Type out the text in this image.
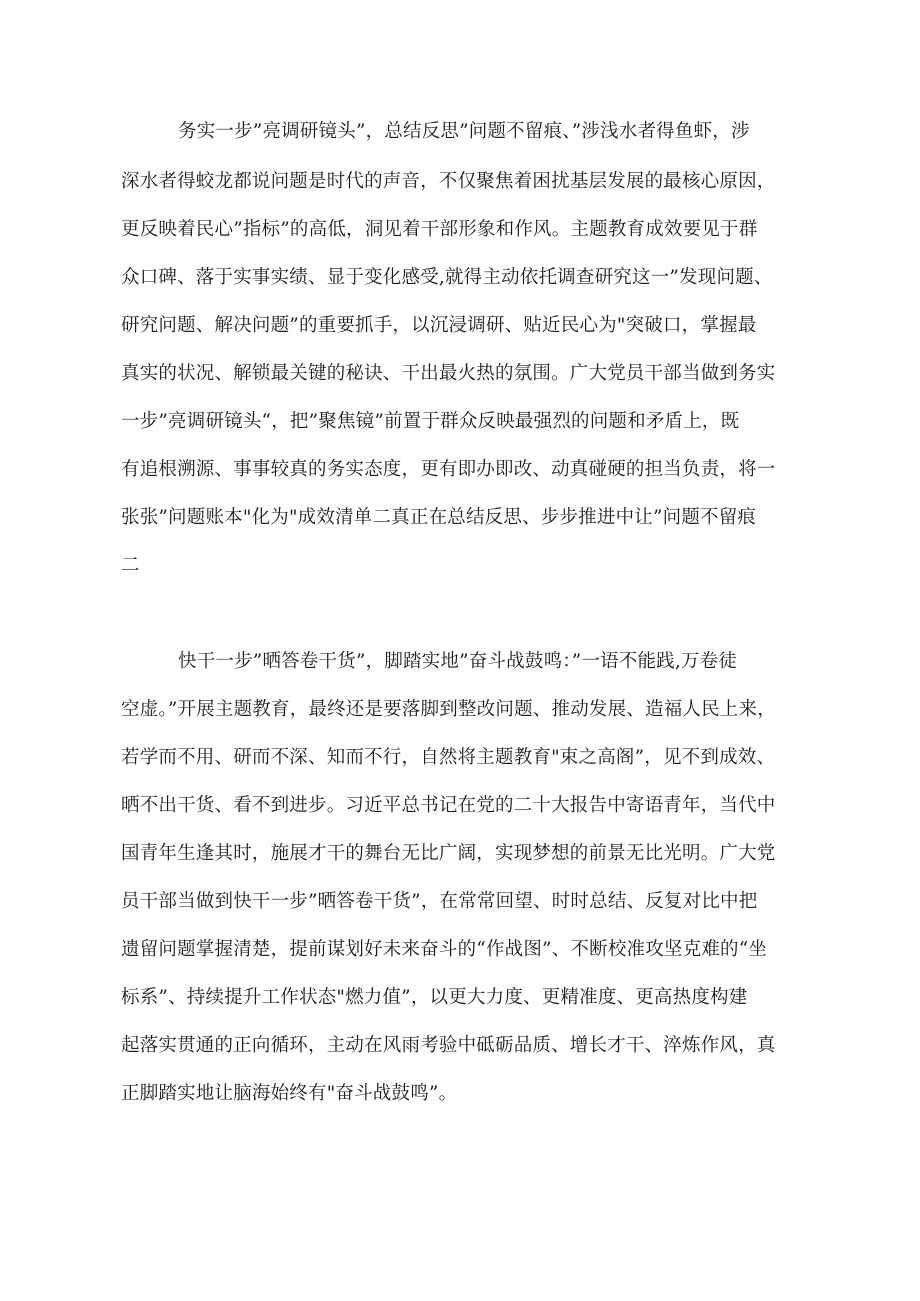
务实一步”亮调研镜头”，总结反思”问题不留痕、”涉浅水者得鱼虾，涉
深水者得蛟龙都说问题是时代的声音，不仅聚焦着困扰基层发展的最核心原因，
更反映着民心”指标”的高低，洞见着干部形象和作风。主题教育成效要见于群
众口碑、落于实事实绩、显于变化感受,就得主动依托调查研究这一”发现问题、
研究问题、解决问题”的重要抓手，以沉浸调研、贴近民心为"突破口，掌握最
真实的状况、解锁最关键的秘诀、干出最火热的氛围。广大党员干部当做到务实
一步”亮调研镜头“，把”聚焦镜”前置于群众反映最强烈的问题和矛盾上，既
有追根溯源、事事较真的务实态度，更有即办即改、动真碰硬的担当负责，将一
张张”问题账本"化为"成效清单二真正在总结反思、步步推进中让”问题不留痕
二
快干一步”晒答卷干货”，脚踏实地”奋斗战鼓鸣：”一语不能践,万卷徒
空虚。”开展主题教育，最终还是要落脚到整改问题、推动发展、造福人民上来，
若学而不用、研而不深、知而不行，自然将主题教育"束之高阁”，见不到成效、
晒不出干货、看不到进步。习近平总书记在党的二十大报告中寄语青年，当代中
国青年生逢其时，施展才干的舞台无比广阔，实现梦想的前景无比光明。广大党
员干部当做到快干一步”晒答卷干货”，在常常回望、时时总结、反复对比中把
遗留问题掌握清楚，提前谋划好未来奋斗的“作战图”、不断校准攻坚克难的“坐
标系”、持续提升工作状态"燃力值”，以更大力度、更精准度、更高热度构建
起落实贯通的正向循环，主动在风雨考验中砥砺品质、增长才干、淬炼作风，真
正脚踏实地让脑海始终有"奋斗战鼓鸣”。
